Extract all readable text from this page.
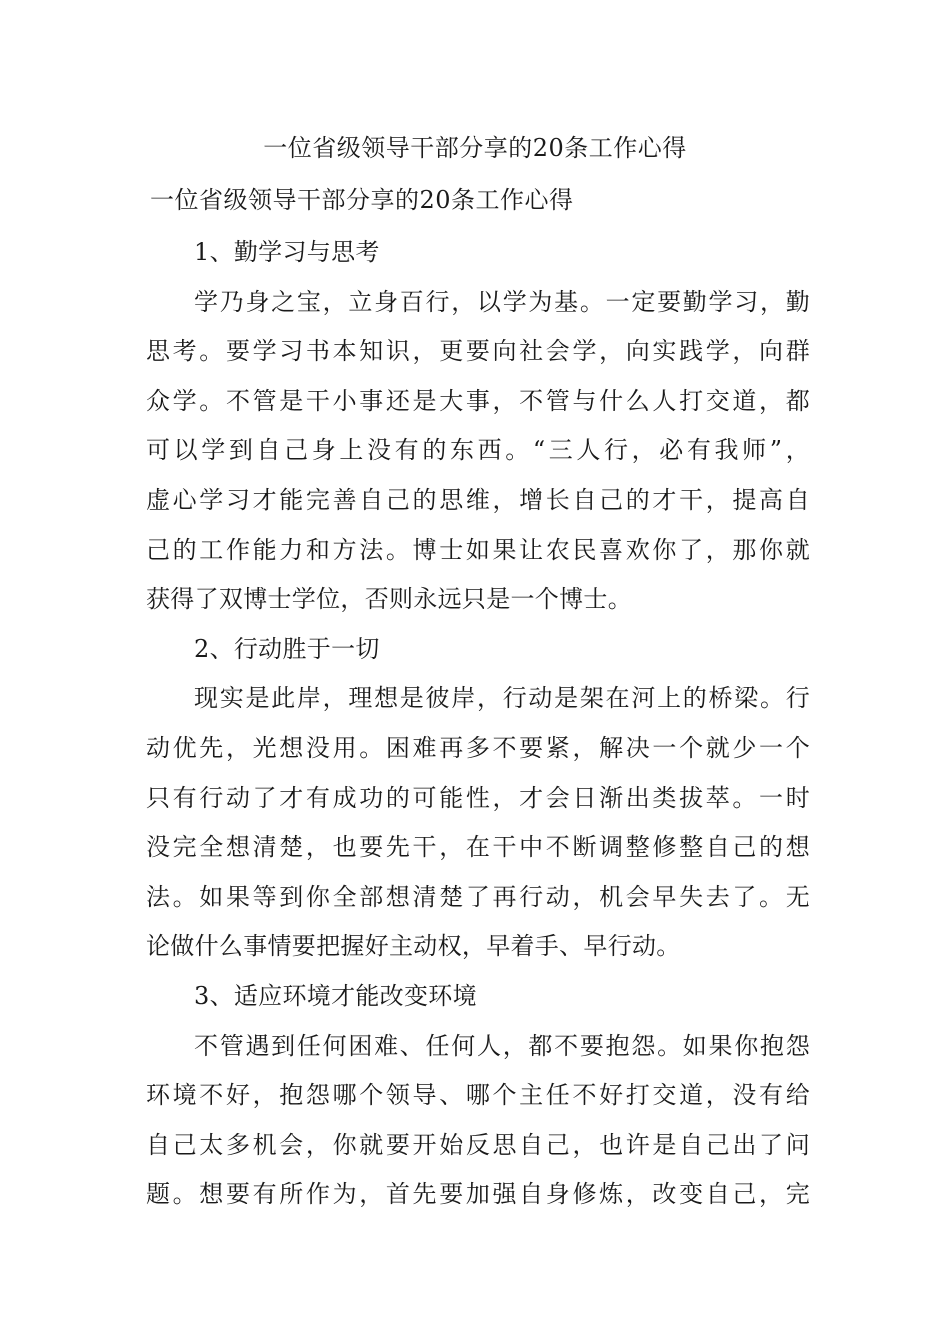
一位省级领导干部分享的20条工作心得
一位省级领导干部分享的20条工作心得
1、勤学习与思考
学乃身之宝，立身百行，以学为基。一定要勤学习，勤
思考。要学习书本知识，更要向社会学，向实践学，向群
众学。不管是干小事还是大事，不管与什么人打交道，都
可以学到自己身上没有的东西。“三人行，必有我师”，
虚心学习才能完善自己的思维，增长自己的才干，提高自
己的工作能力和方法。博士如果让农民喜欢你了，那你就
获得了双博士学位，否则永远只是一个博士。
2、行动胜于一切
现实是此岸，理想是彼岸，行动是架在河上的桥梁。行
动优先，光想没用。困难再多不要紧，解决一个就少一个
只有行动了才有成功的可能性，才会日渐出类拔萃。一时
没完全想清楚，也要先干，在干中不断调整修整自己的想
法。如果等到你全部想清楚了再行动，机会早失去了。无
论做什么事情要把握好主动权，早着手、早行动。
3、适应环境才能改变环境
不管遇到任何困难、任何人，都不要抱怨。如果你抱怨
环境不好，抱怨哪个领导、哪个主任不好打交道，没有给
自己太多机会，你就要开始反思自己，也许是自己出了问
题。想要有所作为，首先要加强自身修炼，改变自己，完
